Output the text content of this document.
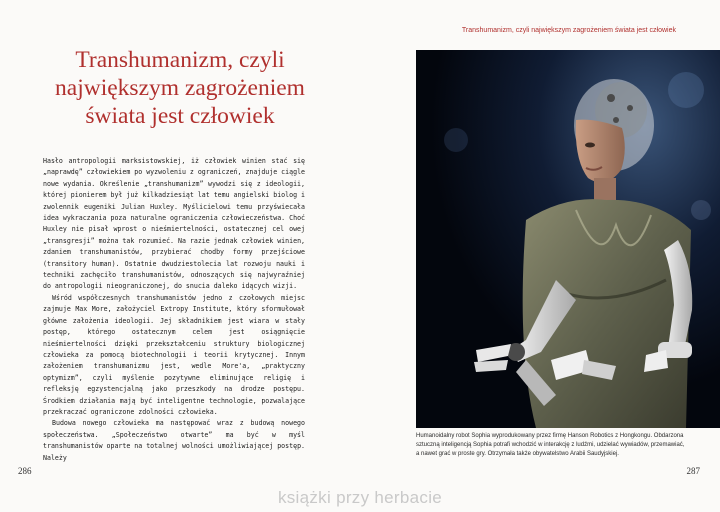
Transhumanizm, czyli
największym zagrożeniem
świata jest człowiek

Hasło antropologii marksistowskiej, iż człowiek winien stać się „naprawdę” człowiekiem po wyzwoleniu z ograniczeń, znajduje ciągle nowe wydania. Określenie „transhumanizm” wywodzi się z ideologii, której pionierem był już kilkadziesiąt lat temu angielski biolog i zwolennik eugeniki Julian Huxley. Myślicielowi temu przyświecała idea wykraczania poza naturalne ograniczenia człowieczeństwa. Choć Huxley nie pisał wprost o nieśmiertelności, ostatecznej cel owej „transgresji” można tak rozumieć. Na razie jednak człowiek winien, zdaniem transhumanistów, przybierać chodby formy przejściowe (transitory human). Ostatnie dwudziestolecia lat rozwoju nauki i techniki zachęciło transhumanistów, odnoszących się najwyraźniej do antropologii nieograniczonej, do snucia daleko idących wizji.

Wśród współczesnych transhumanistów jedno z czołowych miejsc zajmuje Max More, założyciel Extropy Institute, który sformułował główne założenia ideologii. Jej składnikiem jest wiara w stały postęp, którego ostatecznym celem jest osiągnięcie nieśmiertelności dzięki przekształceniu struktury biologicznej człowieka za pomocą biotechnologii i teorii krytycznej. Innym założeniem transhumanizmu jest, wedle More'a, „praktyczny optymizm”, czyli myślenie pozytywne eliminujące religię i refleksję egzystencjalną jako przeszkody na drodze postępu. Środkiem działania mają być inteligentne technologie, pozwalające przekraczać ograniczone zdolności człowieka.

Budowa nowego człowieka ma następować wraz z budową nowego społeczeństwa. „Społeczeństwo otwarte” ma być w myśl transhumanistów oparte na totalnej wolności umożliwiającej postęp. Należy

286
Transhumanizm, czyli największym zagrożeniem świata jest człowiek
Humanoidalny robot Sophia wyprodukowany przez firmę Hanson Robotics z Hongkongu. Obdarzona sztuczną inteligencją Sophia potrafi wchodzić w interakcję z ludźmi, udzielać wywiadów, przemawiać, a nawet grać w proste gry. Otrzymała także obywatelstwo Arabii Saudyjskiej.
287
książki przy herbacie
